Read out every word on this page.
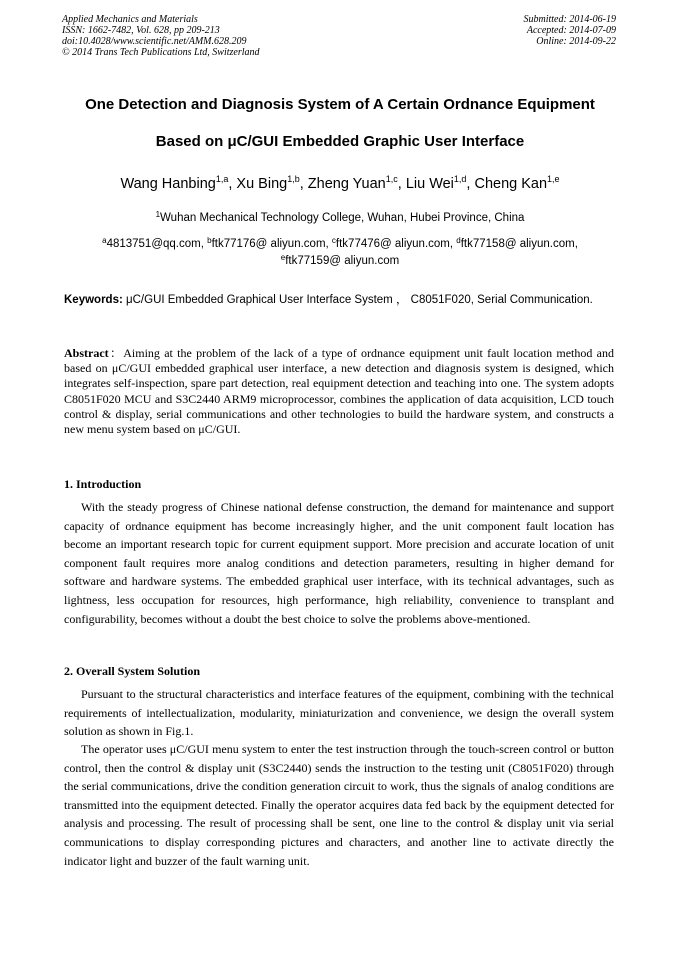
Applied Mechanics and Materials
ISSN: 1662-7482, Vol. 628, pp 209-213
doi:10.4028/www.scientific.net/AMM.628.209
© 2014 Trans Tech Publications Ltd, Switzerland
Submitted: 2014-06-19
Accepted: 2014-07-09
Online: 2014-09-22
One Detection and Diagnosis System of A Certain Ordnance Equipment
Based on μC/GUI Embedded Graphic User Interface
Wang Hanbing$^{1,a}$, Xu Bing$^{1,b}$, Zheng Yuan$^{1,c}$, Liu Wei$^{1,d}$, Cheng Kan$^{1,e}$
$^1$Wuhan Mechanical Technology College, Wuhan, Hubei Province, China
$^a$4813751@qq.com, $^b$ftk77176@ aliyun.com, $^c$ftk77476@ aliyun.com, $^d$ftk77158@ aliyun.com,
$^e$ftk77159@ aliyun.com
Keywords: μC/GUI Embedded Graphical User Interface System ， C8051F020, Serial Communication.
Abstract：Aiming at the problem of the lack of a type of ordnance equipment unit fault location method and based on μC/GUI embedded graphical user interface, a new detection and diagnosis system is designed, which integrates self-inspection, spare part detection, real equipment detection and teaching into one. The system adopts C8051F020 MCU and S3C2440 ARM9 microprocessor, combines the application of data acquisition, LCD touch control & display, serial communications and other technologies to build the hardware system, and constructs a new menu system based on μC/GUI.
1. Introduction
With the steady progress of Chinese national defense construction, the demand for maintenance and support capacity of ordnance equipment has become increasingly higher, and the unit component fault location has become an important research topic for current equipment support. More precision and accurate location of unit component fault requires more analog conditions and detection parameters, resulting in higher demand for software and hardware systems. The embedded graphical user interface, with its technical advantages, such as lightness, less occupation for resources, high performance, high reliability, convenience to transplant and configurability, becomes without a doubt the best choice to solve the problems above-mentioned.
2. Overall System Solution
Pursuant to the structural characteristics and interface features of the equipment, combining with the technical requirements of intellectualization, modularity, miniaturization and convenience, we design the overall system solution as shown in Fig.1.
The operator uses μC/GUI menu system to enter the test instruction through the touch-screen control or button control, then the control & display unit (S3C2440) sends the instruction to the testing unit (C8051F020) through the serial communications, drive the condition generation circuit to work, thus the signals of analog conditions are transmitted into the equipment detected. Finally the operator acquires data fed back by the equipment detected for analysis and processing. The result of processing shall be sent, one line to the control & display unit via serial communications to display corresponding pictures and characters, and another line to activate directly the indicator light and buzzer of the fault warning unit.
